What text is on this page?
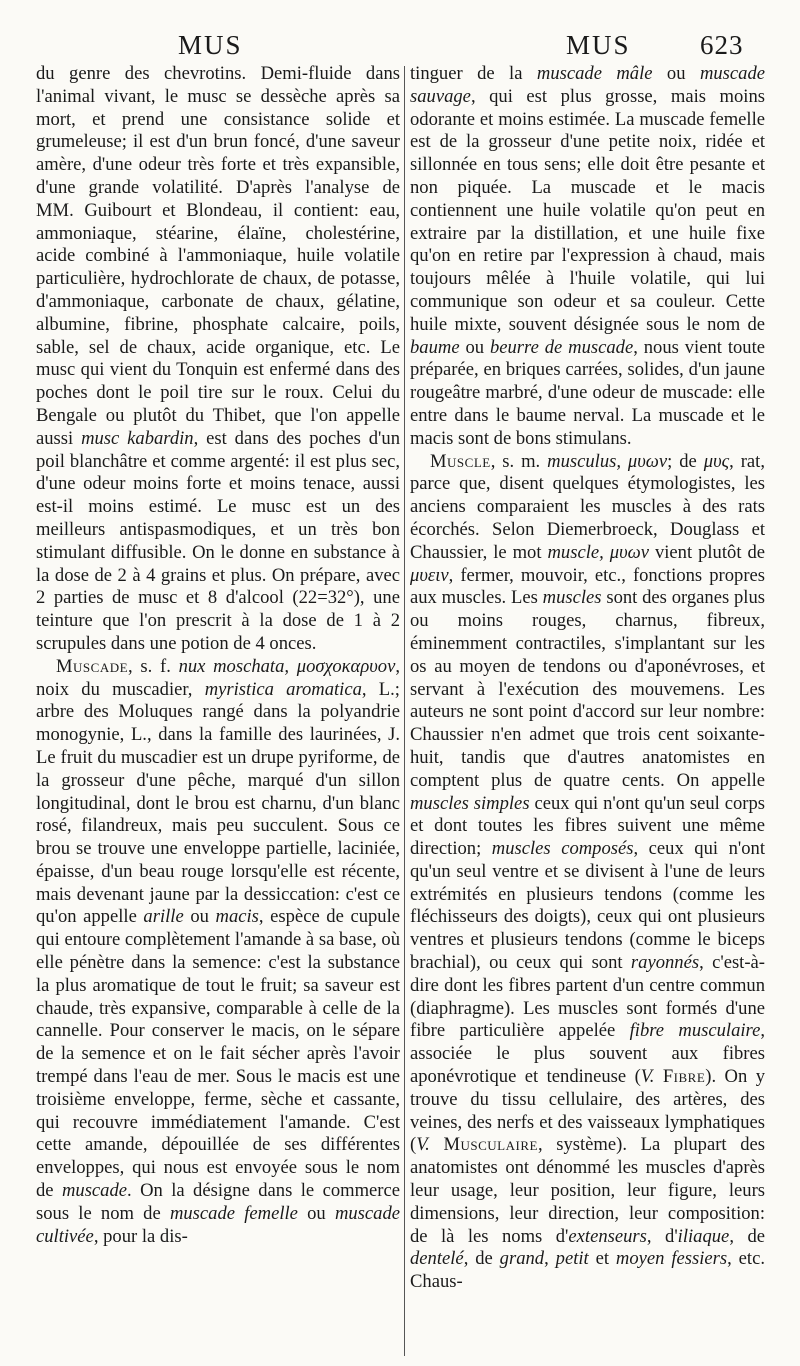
MUS	MUS	623

du genre des chevrotins. Demi-fluide dans l'animal vivant, le musc se dessèche après sa mort, et prend une consistance solide et grumeleuse; il est d'un brun foncé, d'une saveur amère, d'une odeur très forte et très expansible, d'une grande volatilité. D'après l'analyse de MM. Guibourt et Blondeau, il contient: eau, ammoniaque, stéarine, élaïne, cholestérine, acide combiné à l'ammoniaque, huile volatile particulière, hydrochlorate de chaux, de potasse, d'ammoniaque, carbonate de chaux, gélatine, albumine, fibrine, phosphate calcaire, poils, sable, sel de chaux, acide organique, etc. Le musc qui vient du Tonquin est enfermé dans des poches dont le poil tire sur le roux. Celui du Bengale ou plutôt du Thibet, que l'on appelle aussi musc kabardin, est dans des poches d'un poil blanchâtre et comme argenté: il est plus sec, d'une odeur moins forte et moins tenace, aussi est-il moins estimé. Le musc est un des meilleurs antispasmodiques, et un très bon stimulant diffusible. On le donne en substance à la dose de 2 à 4 grains et plus. On prépare, avec 2 parties de musc et 8 d'alcool (22=32°), une teinture que l'on prescrit à la dose de 1 à 2 scrupules dans une potion de 4 onces.

Muscade, s. f. nux moschata, μοσχοκαρυον, noix du muscadier, myristica aromatica, L.; arbre des Moluques rangé dans la polyandrie monogynie, L., dans la famille des laurinées, J. Le fruit du muscadier est un drupe pyriforme, de la grosseur d'une pêche, marqué d'un sillon longitudinal, dont le brou est charnu, d'un blanc rosé, filandreux, mais peu succulent. Sous ce brou se trouve une enveloppe partielle, laciniée, épaisse, d'un beau rouge lorsqu'elle est récente, mais devenant jaune par la dessiccation: c'est ce qu'on appelle arille ou macis, espèce de cupule qui entoure complètement l'amande à sa base, où elle pénètre dans la semence: c'est la substance la plus aromatique de tout le fruit; sa saveur est chaude, très expansive, comparable à celle de la cannelle. Pour conserver le macis, on le sépare de la semence et on le fait sécher après l'avoir trempé dans l'eau de mer. Sous le macis est une troisième enveloppe, ferme, sèche et cassante, qui recouvre immédiatement l'amande. C'est cette amande, dépouillée de ses différentes enveloppes, qui nous est envoyée sous le nom de muscade. On la désigne dans le commerce sous le nom de muscade femelle ou muscade cultivée, pour la dis-

tinguer de la muscade mâle ou muscade sauvage, qui est plus grosse, mais moins odorante et moins estimée. La muscade femelle est de la grosseur d'une petite noix, ridée et sillonnée en tous sens; elle doit être pesante et non piquée. La muscade et le macis contiennent une huile volatile qu'on peut en extraire par la distillation, et une huile fixe qu'on en retire par l'expression à chaud, mais toujours mêlée à l'huile volatile, qui lui communique son odeur et sa couleur. Cette huile mixte, souvent désignée sous le nom de baume ou beurre de muscade, nous vient toute préparée, en briques carrées, solides, d'un jaune rougeâtre marbré, d'une odeur de muscade: elle entre dans le baume nerval. La muscade et le macis sont de bons stimulans.

Muscle, s. m. musculus, μυων; de μυς, rat, parce que, disent quelques étymologistes, les anciens comparaient les muscles à des rats écorchés. Selon Diemerbroeck, Douglass et Chaussier, le mot muscle, μυων vient plutôt de μυειν, fermer, mouvoir, etc., fonctions propres aux muscles. Les muscles sont des organes plus ou moins rouges, charnus, fibreux, éminemment contractiles, s'implantant sur les os au moyen de tendons ou d'aponévroses, et servant à l'exécution des mouvemens. Les auteurs ne sont point d'accord sur leur nombre: Chaussier n'en admet que trois cent soixante-huit, tandis que d'autres anatomistes en comptent plus de quatre cents. On appelle muscles simples ceux qui n'ont qu'un seul corps et dont toutes les fibres suivent une même direction; muscles composés, ceux qui n'ont qu'un seul ventre et se divisent à l'une de leurs extrémités en plusieurs tendons (comme les fléchisseurs des doigts), ceux qui ont plusieurs ventres et plusieurs tendons (comme le biceps brachial), ou ceux qui sont rayonnés, c'est-à-dire dont les fibres partent d'un centre commun (diaphragme). Les muscles sont formés d'une fibre particulière appelée fibre musculaire, associée le plus souvent aux fibres aponévrotique et tendineuse (V. Fibre). On y trouve du tissu cellulaire, des artères, des veines, des nerfs et des vaisseaux lymphatiques (V. Musculaire, système). La plupart des anatomistes ont dénommé les muscles d'après leur usage, leur position, leur figure, leurs dimensions, leur direction, leur composition: de là les noms d'extenseurs, d'iliaque, de dentelé, de grand, petit et moyen fessiers, etc. Chaus-
